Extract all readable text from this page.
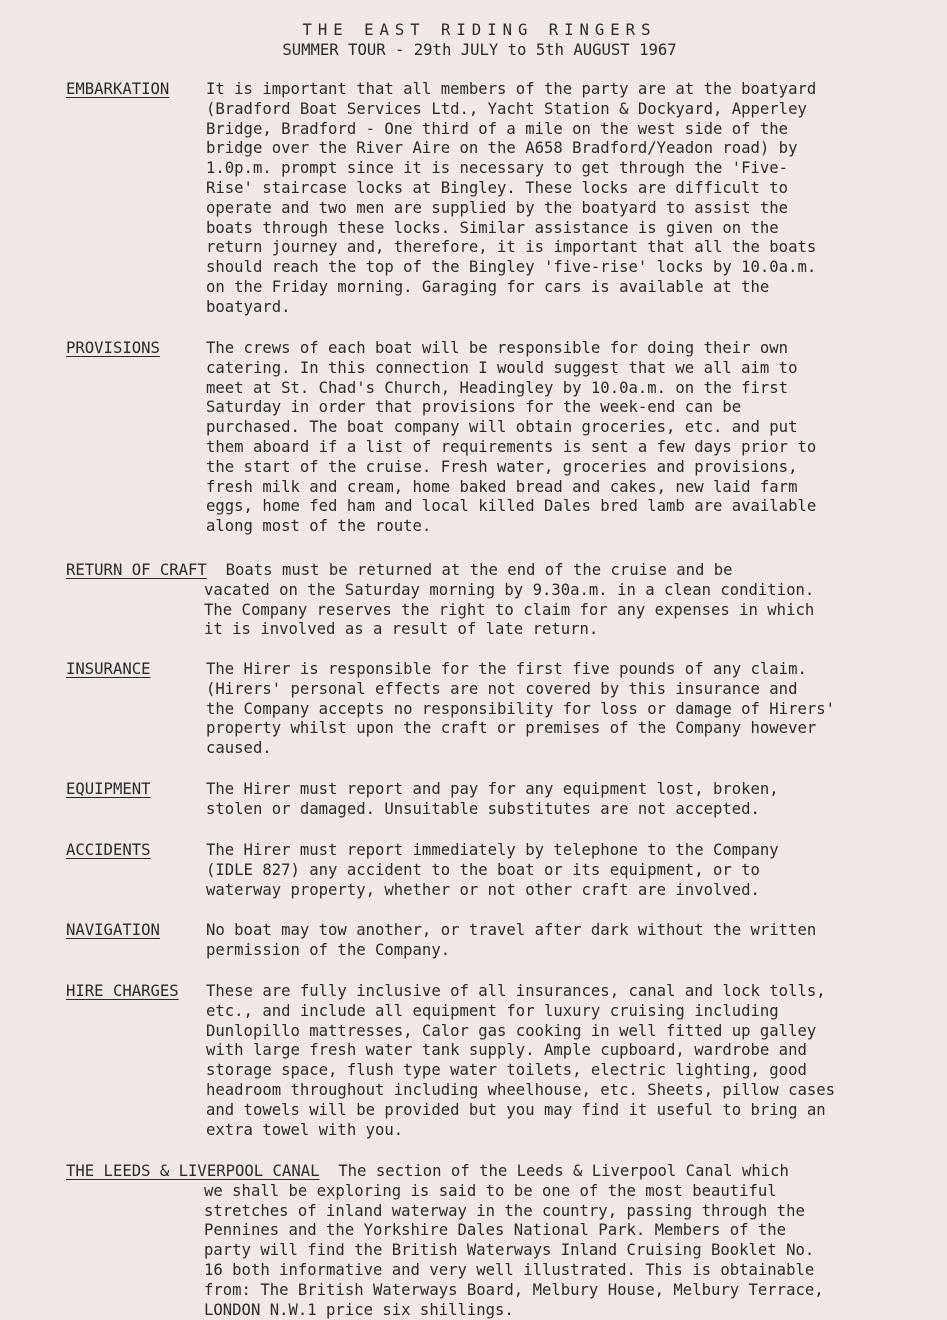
THE EAST RIDING RINGERS
SUMMER TOUR - 29th JULY to 5th AUGUST 1967
EMBARKATION It is important that all members of the party are at the boatyard
(Bradford Boat Services Ltd., Yacht Station & Dockyard, Apperley
Bridge, Bradford - One third of a mile on the west side of the
bridge over the River Aire on the A658 Bradford/Yeadon road) by
1.0p.m. prompt since it is necessary to get through the 'Five-
Rise' staircase locks at Bingley. These locks are difficult to
operate and two men are supplied by the boatyard to assist the
boats through these locks. Similar assistance is given on the
return journey and, therefore, it is important that all the boats
should reach the top of the Bingley 'five-rise' locks by 10.0a.m.
on the Friday morning. Garaging for cars is available at the
boatyard.
PROVISIONS	The crews of each boat will be responsible for doing their own
catering. In this connection I would suggest that we all aim to
meet at St. Chad's Church, Headingley by 10.0a.m. on the first
Saturday in order that provisions for the week-end can be
purchased. The boat company will obtain groceries, etc. and put
them aboard if a list of requirements is sent a few days prior to
the start of the cruise. Fresh water, groceries and provisions,
fresh milk and cream, home baked bread and cakes, new laid farm
eggs, home fed ham and local killed Dales bred lamb are available
along most of the route.
RETURN OF CRAFT Boats must be returned at the end of the cruise and be
vacated on the Saturday morning by 9.30a.m. in a clean condition.
The Company reserves the right to claim for any expenses in which
it is involved as a result of late return.
INSURANCE	The Hirer is responsible for the first five pounds of any claim.
(Hirers' personal effects are not covered by this insurance and
the Company accepts no responsibility for loss or damage of Hirers'
property whilst upon the craft or premises of the Company however
caused.
EQUIPMENT	The Hirer must report and pay for any equipment lost, broken,
stolen or damaged. Unsuitable substitutes are not accepted.
ACCIDENTS	The Hirer must report immediately by telephone to the Company
(IDLE 827) any accident to the boat or its equipment, or to
waterway property, whether or not other craft are involved.
NAVIGATION	No boat may tow another, or travel after dark without the written
permission of the Company.
HIRE CHARGES These are fully inclusive of all insurances, canal and lock tolls,
etc., and include all equipment for luxury cruising including
Dunlopillo mattresses, Calor gas cooking in well fitted up galley
with large fresh water tank supply. Ample cupboard, wardrobe and
storage space, flush type water toilets, electric lighting, good
headroom throughout including wheelhouse, etc. Sheets, pillow cases
and towels will be provided but you may find it useful to bring an
extra towel with you.
THE LEEDS & LIVERPOOL CANAL The section of the Leeds & Liverpool Canal which
we shall be exploring is said to be one of the most beautiful
stretches of inland waterway in the country, passing through the
Pennines and the Yorkshire Dales National Park. Members of the
party will find the British Waterways Inland Cruising Booklet No.
16 both informative and very well illustrated. This is obtainable
from: The British Waterways Board, Melbury House, Melbury Terrace,
LONDON N.W.1 price six shillings.
